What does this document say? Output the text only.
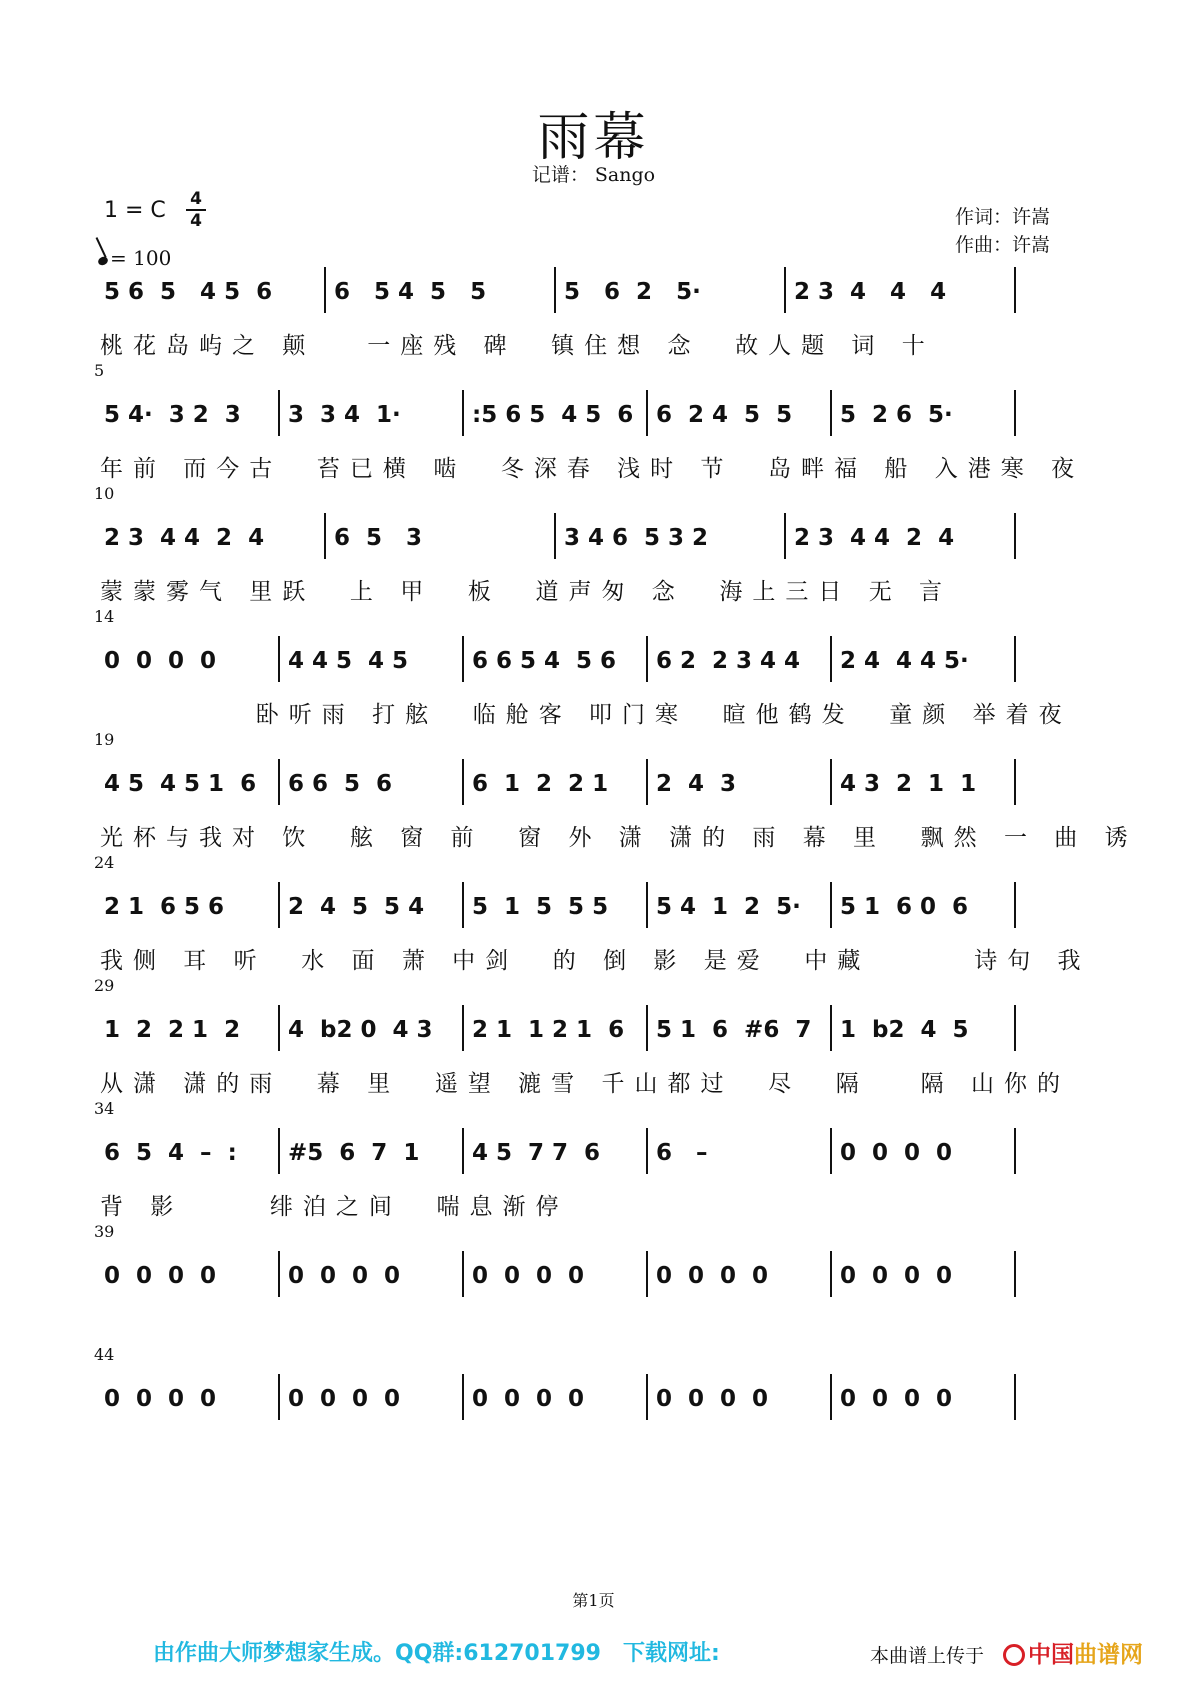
雨幕
记谱： Sango
1 = C 4
4
= 100
作词：许嵩
作曲：许嵩
5 6  5   4 5  6	6   5 4  5   5	5   6  2   5·	2 3  4   4   4
桃花岛屿之 颠   一座残 碑  镇住想 念  故人题 词 十
5
5 4·  3 2  3	3  3 4  1·	:5 6 5  4 5  6 6  2 4  5  5	5  2 6  5·
年前 而今古  苔已横 啮  冬深春 浅时 节  岛畔福 船 入港寒 夜
10
2 3  4 4  2  4	6  5   3	3 4 6  5 3 2	2 3  4 4  2  4
蒙蒙雾气 里跃  上 甲  板  道声匆 念  海上三日 无 言
14
0  0  0  0	4 4 5  4 5	6 6 5 4  5 6	6 2  2 3 4 4	2 4  4 4 5·
卧听雨 打舷  临舱客 叩门寒  暄他鹤发  童颜 举着夜
19
4 5  4 5 1  6	6 6  5  6	6  1  2  2 1	2  4  3	4 3  2  1  1
光杯与我对 饮  舷 窗 前  窗 外 潇 潇的 雨 幕 里  飘然 一 曲 诱
24
2 1  6 5 6	2  4  5  5 4	5  1  5  5 5	5 4  1  2  5·	5 1  6 0  6
我侧 耳 听  水 面 萧 中剑  的 倒 影 是爱  中藏      诗句 我
29
1  2  2 1  2	4  b2 0  4 3	2 1  1 2 1  6	5 1  6  #6  7	1  b2  4  5
从潇 潇的雨  幕 里  遥望 漉雪 千山都过  尽  隔   隔 山你的
34
6  5  4  –  :	#5  6  7  1	4 5  7 7  6	6   –	0  0  0  0
背 影     绯泊之间  喘息渐停
39
0  0  0  0	0  0  0  0	0  0  0  0	0  0  0  0	0  0  0  0
44
0  0  0  0	0  0  0  0	0  0  0  0	0  0  0  0	0  0  0  0
第1页
由作曲大师梦想家生成。QQ群:612701799　下载网址:	本曲谱上传于	中国曲谱网
